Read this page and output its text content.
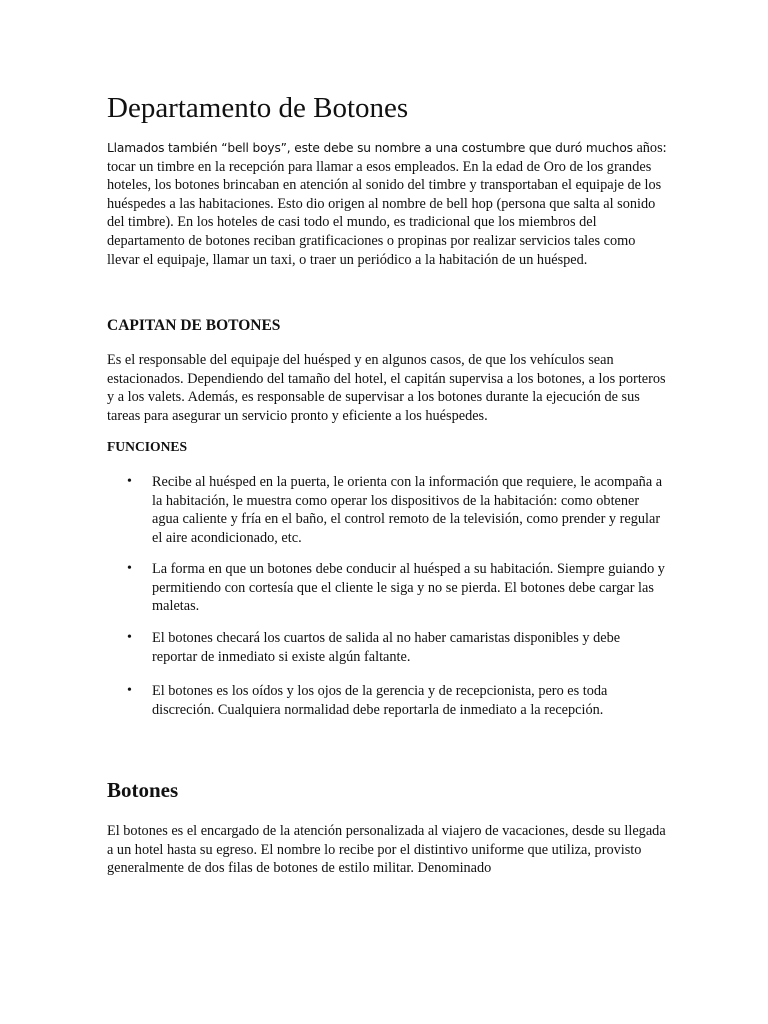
Departamento de Botones

Llamados también “bell boys”, este debe su nombre a una costumbre que duró muchos años: tocar un timbre en la recepción para llamar a esos empleados. En la edad de Oro de los grandes hoteles, los botones brincaban en atención al sonido del timbre y transportaban el equipaje de los huéspedes a las habitaciones. Esto dio origen al nombre de bell hop (persona que salta al sonido del timbre). En los hoteles de casi todo el mundo, es tradicional que los miembros del departamento de botones reciban gratificaciones o propinas por realizar servicios tales como llevar el equipaje, llamar un taxi, o traer un periódico a la habitación de un huésped.

CAPITAN DE BOTONES

Es el responsable del equipaje del huésped y en algunos casos, de que los vehículos sean estacionados. Dependiendo del tamaño del hotel, el capitán supervisa a los botones, a los porteros y a los valets. Además, es responsable de supervisar a los botones durante la ejecución de sus tareas para asegurar un servicio pronto y eficiente a los huéspedes.

FUNCIONES
• Recibe al huésped en la puerta, le orienta con la información que requiere, le acompaña a la habitación, le muestra como operar los dispositivos de la habitación: como obtener agua caliente y fría en el baño, el control remoto de la televisión, como prender y regular el aire acondicionado, etc.

• La forma en que un botones debe conducir al huésped a su habitación. Siempre guiando y permitiendo con cortesía que el cliente le siga y no se pierda. El botones debe cargar las maletas.

• El botones checará los cuartos de salida al no haber camaristas disponibles y debe reportar de inmediato si existe algún faltante.

• El botones es los oídos y los ojos de la gerencia y de recepcionista, pero es toda discreción. Cualquiera normalidad debe reportarla de inmediato a la recepción.

Botones

El botones es el encargado de la atención personalizada al viajero de vacaciones, desde su llegada a un hotel hasta su egreso. El nombre lo recibe por el distintivo uniforme que utiliza, provisto generalmente de dos filas de botones de estilo militar. Denominado
